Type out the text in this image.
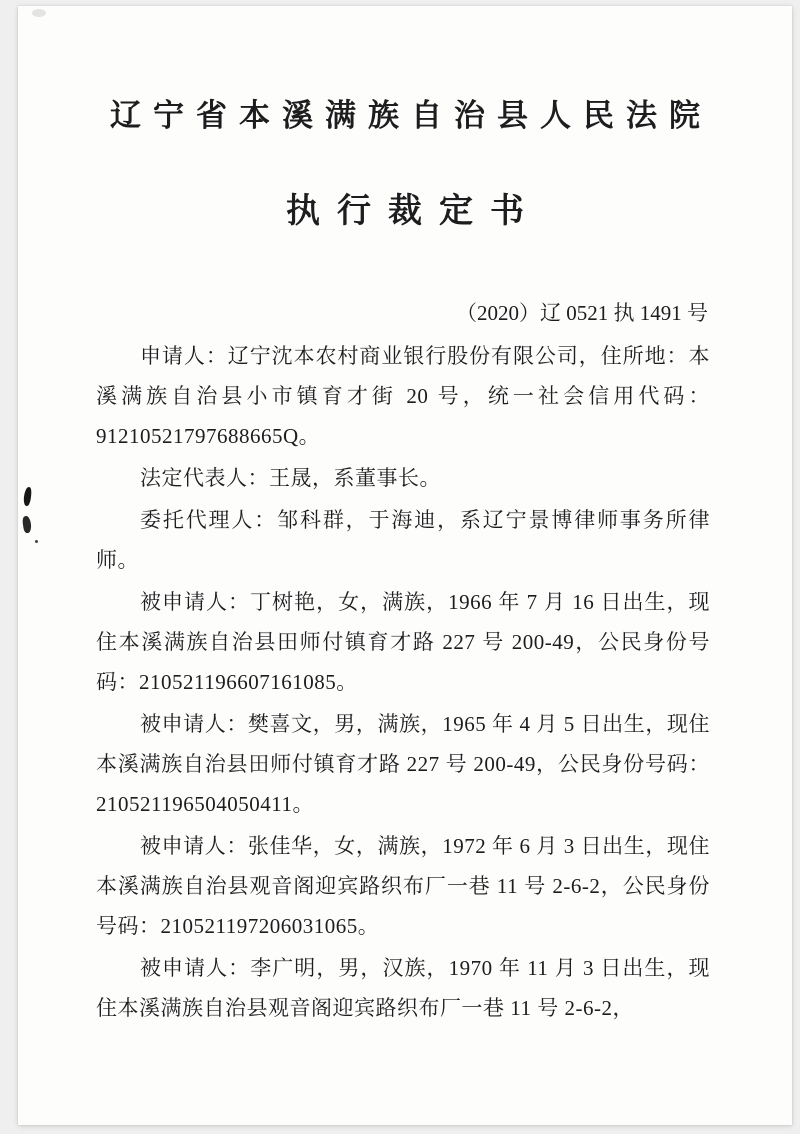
辽宁省本溪满族自治县人民法院
执行裁定书
（2020）辽 0521 执 1491 号

申请人：辽宁沈本农村商业银行股份有限公司，住所地：本溪满族自治县小市镇育才街 20 号，统一社会信用代码：91210521797688665Q。

法定代表人：王晟，系董事长。

委托代理人：邹科群，于海迪，系辽宁景博律师事务所律师。

被申请人：丁树艳，女，满族，1966 年 7 月 16 日出生，现住本溪满族自治县田师付镇育才路 227 号 200-49，公民身份号码：210521196607161085。

被申请人：樊喜文，男，满族，1965 年 4 月 5 日出生，现住本溪满族自治县田师付镇育才路 227 号 200-49，公民身份号码：210521196504050411。

被申请人：张佳华，女，满族，1972 年 6 月 3 日出生，现住本溪满族自治县观音阁迎宾路织布厂一巷 11 号 2-6-2，公民身份号码：210521197206031065。

被申请人：李广明，男，汉族，1970 年 11 月 3 日出生，现住本溪满族自治县观音阁迎宾路织布厂一巷 11 号 2-6-2，
